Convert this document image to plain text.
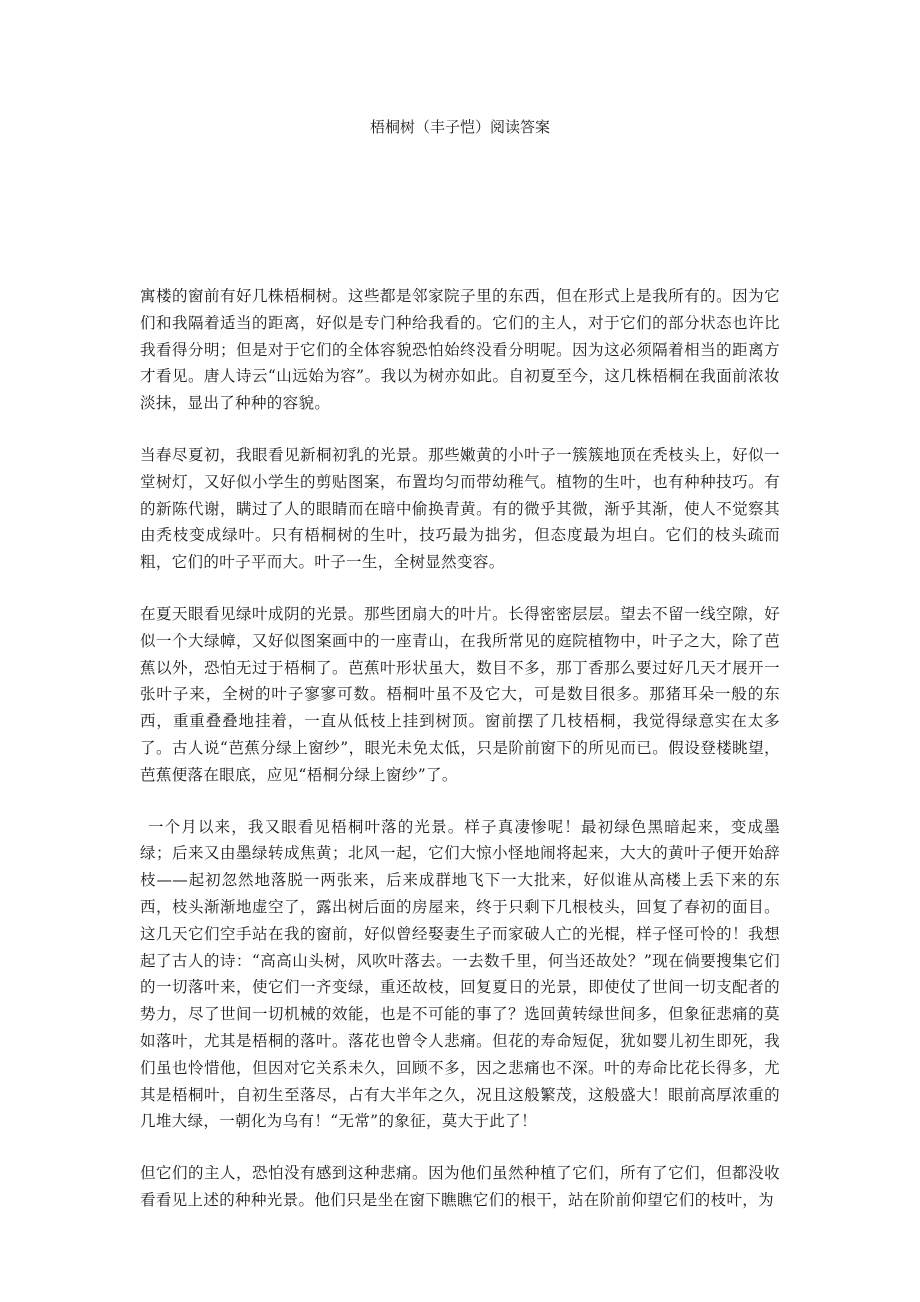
梧桐树（丰子恺）阅读答案

寓楼的窗前有好几株梧桐树。这些都是邻家院子里的东西，但在形式上是我所有的。因为它们和我隔着适当的距离，好似是专门种给我看的。它们的主人，对于它们的部分状态也许比我看得分明；但是对于它们的全体容貌恐怕始终没看分明呢。因为这必须隔着相当的距离方才看见。唐人诗云“山远始为容”。我以为树亦如此。自初夏至今，这几株梧桐在我面前浓妆淡抹，显出了种种的容貌。

当春尽夏初，我眼看见新桐初乳的光景。那些嫩黄的小叶子一簇簇地顶在秃枝头上，好似一堂树灯，又好似小学生的剪贴图案，布置均匀而带幼稚气。植物的生叶，也有种种技巧。有的新陈代谢，瞒过了人的眼睛而在暗中偷换青黄。有的微乎其微，渐乎其渐，使人不觉察其由秃枝变成绿叶。只有梧桐树的生叶，技巧最为拙劣，但态度最为坦白。它们的枝头疏而粗，它们的叶子平而大。叶子一生，全树显然变容。

在夏天眼看见绿叶成阴的光景。那些团扇大的叶片。长得密密层层。望去不留一线空隙，好似一个大绿幛，又好似图案画中的一座青山，在我所常见的庭院植物中，叶子之大，除了芭蕉以外，恐怕无过于梧桐了。芭蕉叶形状虽大，数目不多，那丁香那么要过好几天才展开一张叶子来，全树的叶子寥寥可数。梧桐叶虽不及它大，可是数目很多。那猪耳朵一般的东西，重重叠叠地挂着，一直从低枝上挂到树顶。窗前摆了几枝梧桐，我觉得绿意实在太多了。古人说“芭蕉分绿上窗纱”，眼光未免太低，只是阶前窗下的所见而已。假设登楼眺望，芭蕉便落在眼底，应见“梧桐分绿上窗纱”了。

一个月以来，我又眼看见梧桐叶落的光景。样子真凄惨呢！最初绿色黑暗起来，变成墨绿；后来又由墨绿转成焦黄；北风一起，它们大惊小怪地闹将起来，大大的黄叶子便开始辞枝——起初忽然地落脱一两张来，后来成群地飞下一大批来，好似谁从高楼上丢下来的东西，枝头渐渐地虚空了，露出树后面的房屋来，终于只剩下几根枝头，回复了春初的面目。这几天它们空手站在我的窗前，好似曾经娶妻生子而家破人亡的光棍，样子怪可怜的！我想起了古人的诗：“高高山头树，风吹叶落去。一去数千里，何当还故处？”现在倘要搜集它们的一切落叶来，使它们一齐变绿，重还故枝，回复夏日的光景，即使仗了世间一切支配者的势力，尽了世间一切机械的效能，也是不可能的事了？选回黄转绿世间多，但象征悲痛的莫如落叶，尤其是梧桐的落叶。落花也曾令人悲痛。但花的寿命短促，犹如婴儿初生即死，我们虽也怜惜他，但因对它关系未久，回顾不多，因之悲痛也不深。叶的寿命比花长得多，尤其是梧桐叶，自初生至落尽，占有大半年之久，况且这般繁茂，这般盛大！眼前高厚浓重的几堆大绿，一朝化为乌有！“无常”的象征，莫大于此了！

但它们的主人，恐怕没有感到这种悲痛。因为他们虽然种植了它们，所有了它们，但都没收看看见上述的种种光景。他们只是坐在窗下瞧瞧它们的根干，站在阶前仰望它们的枝叶，为
